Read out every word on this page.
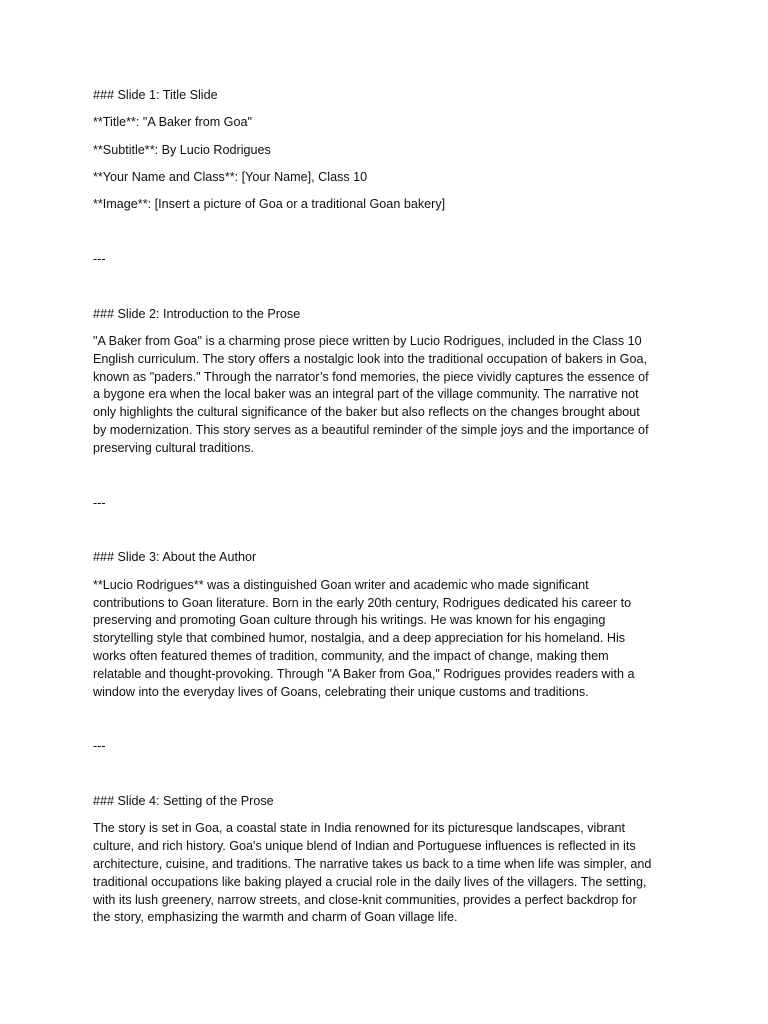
### Slide 1: Title Slide

**Title**: "A Baker from Goa"

**Subtitle**: By Lucio Rodrigues

**Your Name and Class**: [Your Name], Class 10

**Image**: [Insert a picture of Goa or a traditional Goan bakery]

---

### Slide 2: Introduction to the Prose

"A Baker from Goa" is a charming prose piece written by Lucio Rodrigues, included in the Class 10
English curriculum. The story offers a nostalgic look into the traditional occupation of bakers in Goa,
known as "paders." Through the narrator’s fond memories, the piece vividly captures the essence of
a bygone era when the local baker was an integral part of the village community. The narrative not
only highlights the cultural significance of the baker but also reflects on the changes brought about
by modernization. This story serves as a beautiful reminder of the simple joys and the importance of
preserving cultural traditions.

---

### Slide 3: About the Author

**Lucio Rodrigues** was a distinguished Goan writer and academic who made significant
contributions to Goan literature. Born in the early 20th century, Rodrigues dedicated his career to
preserving and promoting Goan culture through his writings. He was known for his engaging
storytelling style that combined humor, nostalgia, and a deep appreciation for his homeland. His
works often featured themes of tradition, community, and the impact of change, making them
relatable and thought-provoking. Through "A Baker from Goa," Rodrigues provides readers with a
window into the everyday lives of Goans, celebrating their unique customs and traditions.

---

### Slide 4: Setting of the Prose

The story is set in Goa, a coastal state in India renowned for its picturesque landscapes, vibrant
culture, and rich history. Goa's unique blend of Indian and Portuguese influences is reflected in its
architecture, cuisine, and traditions. The narrative takes us back to a time when life was simpler, and
traditional occupations like baking played a crucial role in the daily lives of the villagers. The setting,
with its lush greenery, narrow streets, and close-knit communities, provides a perfect backdrop for
the story, emphasizing the warmth and charm of Goan village life.
